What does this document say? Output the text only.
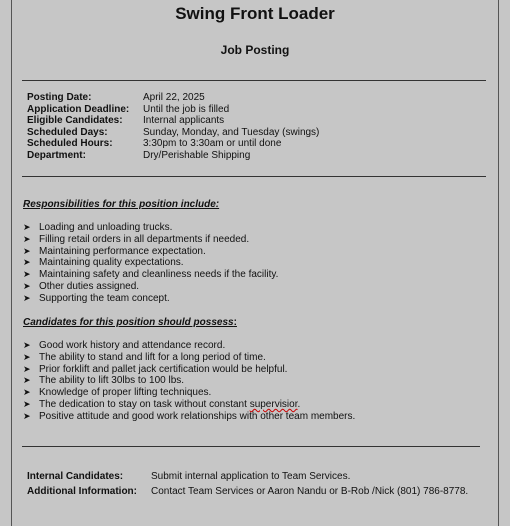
Swing Front Loader
Job Posting
Posting Date:	April 22, 2025
Application Deadline:	Until the job is filled
Eligible Candidates:	Internal applicants
Scheduled Days:	Sunday, Monday, and Tuesday (swings)
Scheduled Hours:	3:30pm to 3:30am or until done
Department:	Dry/Perishable Shipping
Responsibilities for this position include:
➤ Loading and unloading trucks.
➤ Filling retail orders in all departments if needed.
➤ Maintaining performance expectation.
➤ Maintaining quality expectations.
➤ Maintaining safety and cleanliness needs if the facility.
➤ Other duties assigned.
➤ Supporting the team concept.
Candidates for this position should possess:
➤ Good work history and attendance record.
➤ The ability to stand and lift for a long period of time.
➤ Prior forklift and pallet jack certification would be helpful.
➤ The ability to lift 30lbs to 100 lbs.
➤ Knowledge of proper lifting techniques.
➤ The dedication to stay on task without constant supervisior.
➤ Positive attitude and good work relationships with other team members.
Internal Candidates:	Submit internal application to Team Services.
Additional Information:	Contact Team Services or Aaron Nandu or B-Rob /Nick (801) 786-8778.
